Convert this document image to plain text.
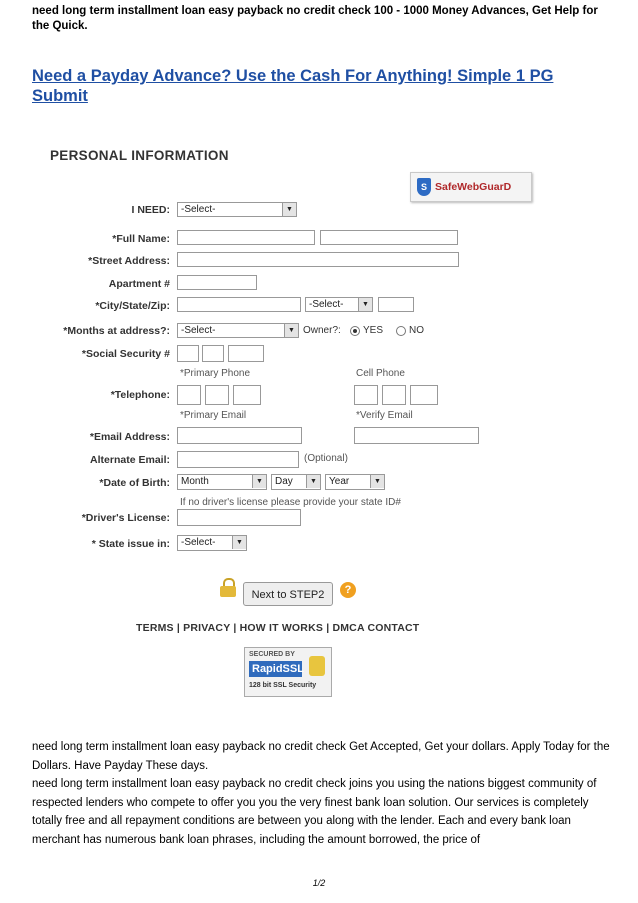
need long term installment loan easy payback no credit check 100 - 1000 Money Advances, Get Help for the Quick.
Need a Payday Advance? Use the Cash For Anything! Simple 1 PG Submit
PERSONAL INFORMATION
S SafeWebGuarD
I NEED:	-Select-	▼
*Full Name:
*Street Address:
Apartment #
*City/State/Zip:	-Select-	▼
*Months at address?:	-Select-	▼ Owner?: YES	NO
*Social Security #
*Primary Phone	Cell Phone
*Telephone:
*Primary Email	*Verify Email
*Email Address:
Alternate Email:	(Optional)
*Date of Birth:	Month	▼	Day	▼	Year	▼
If no driver's license please provide your state ID#
*Driver's License:
* State issue in:	-Select-	▼
Next to STEP2	?
TERMS | PRIVACY | HOW IT WORKS | DMCA CONTACT
SECURED BY
RapidSSL
128 bit SSL Security

need long term installment loan easy payback no credit check Get Accepted, Get your dollars. Apply Today for the Dollars. Have Payday These days.

need long term installment loan easy payback no credit check joins you using the nations biggest community of respected lenders who compete to offer you you the very finest bank loan solution. Our services is completely totally free and all repayment conditions are between you along with the lender. Each and every bank loan merchant has numerous bank loan phrases, including the amount borrowed, the price of

1/2
